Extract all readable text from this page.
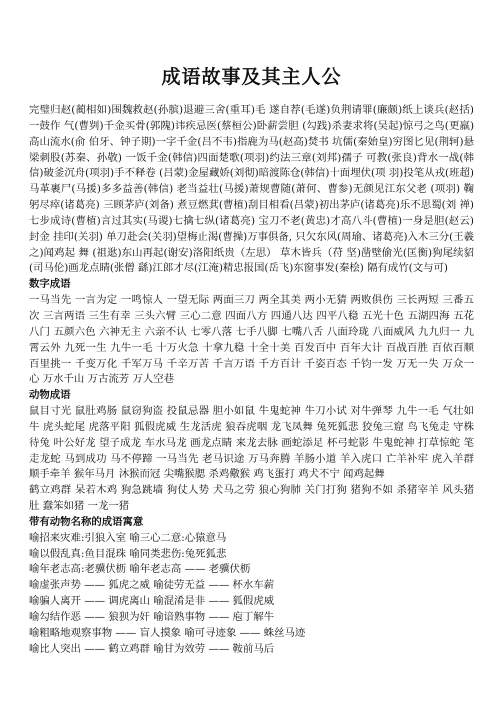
成语故事及其主人公

完璧归赵(蔺相如)围魏救赵(孙膑)退避三舍(重耳)毛 遂自荐(毛遂)负荆请罪(廉颇)纸上谈兵(赵括)一鼓作 气(曹刿)千金买骨(郭隗)讳疾忌医(蔡桓公)卧薪尝胆 (勾践)杀妻求将(吴起)惊弓之鸟(更羸)高山流水(俞 伯牙、钟子期)一字千金(吕不韦)指鹿为马(赵高)焚书 坑儒(秦始皇)穷图匕见(荆轲)悬梁刺股(苏秦、孙敬) 一饭千金(韩信)四面楚歌(项羽)约法三章(刘邦)孺子 可教(张良)背水一战(韩信)破釜沉舟(项羽)手不释卷 (吕蒙)金屋藏娇(刘彻)暗渡陈仓(韩信)十面埋伏(项 羽)投笔从戎(班超)马革裹尸(马援)多多益善(韩信) 老当益壮(马援)萧规曹随(萧何、曹参)无颜见江东父老 (项羽) 鞠躬尽瘁(诸葛亮) 三顾茅庐(刘备) 煮豆燃萁(曹植)刮目相看(吕蒙)初出茅庐(诸葛亮)乐不思蜀(刘 禅)七步成诗(曹植)言过其实(马谡)七擒七纵(诸葛亮) 宝刀不老(黄忠)才高八斗(曹植)一身是胆(赵云)封金 挂印(关羽) 单刀赴会(关羽)望梅止渴(曹操)万事俱备, 只欠东风(周瑜、诸葛亮)入木三分(王羲之)闻鸡起 舞 (祖逖)东山再起(谢安)洛阳纸贵（左思） 草木皆兵（苻 坚)凿壁偷光(匡衡)狗尾续貂(司马伦)画龙点睛(张僧 繇)江郎才尽(江淹)精忠报国(岳飞)东窗事发(秦桧) 隔有成竹(文与可)

数字成语

一马当先 一言为定 一鸣惊人 一望无际 两面三刀 两全其美 两小无猜 两败俱伤 三长两短 三番五次 三言两语 三生有幸 三头六臂 三心二意 四面八方 四通八达 四平八稳 五光十色 五湖四海 五花八门 五颜六色 六神无主 六亲不认 七零八落 七手八脚 七嘴八舌 八面玲珑 八面威风 九九归一 九霄云外 九死一生 九牛一毛 十万火急 十拿九稳 十全十美 百发百中 百年大计 百战百胜 百依百顺 百里挑一 千变万化 千军万马 千辛万苦 千言万语 千方百计 千姿百态 千钧一发 万无一失 万众一心 万水千山 万古流芳 万人空巷

动物成语

鼠目寸光 鼠肚鸡肠 鼠窃狗盗 投鼠忌器 胆小如鼠 牛鬼蛇神 牛刀小试 对牛弹琴 九牛一毛 气壮如牛 虎头蛇尾 虎落平阳 狐假虎威 生龙活虎 狼吞虎咽 龙飞凤舞 兔死狐悲 狡兔三窟 鸟飞兔走 守株待兔 叶公好龙 望子成龙 车水马龙 画龙点睛 来龙去脉 画蛇添足 杯弓蛇影 牛鬼蛇神 打草惊蛇 笔走龙蛇 马到成功 马不停蹄 一马当先 老马识途 万马奔腾 羊肠小道 羊入虎口 亡羊补牢 虎入羊群 顺手牵羊 猴年马月 沐猴而冠 尖嘴猴腮 杀鸡儆猴 鸡飞蛋打 鸡犬不宁 闻鸡起舞

鹤立鸡群 呆若木鸡 狗急跳墙 狗仗人势 犬马之劳 狼心狗肺 关门打狗 猪狗不如 杀猪宰羊 风头猪肚 蠢笨如猪 一龙一猪

带有动物名称的成语寓意

喻招来灾难:引狼入室 喻三心二意:心猿意马
喻以假乱真:鱼目混珠 喻同类悲伤:兔死狐悲
喻年老志高:老骥伏枥 喻年老志高 —— 老骥伏枥
喻虚张声势 —— 狐虎之威 喻徒劳无益 —— 杯水车薪
喻骗人离开 —— 调虎离山 喻混淆是非 —— 狐假虎威
喻勾结作恶 —— 狼狈为奸 喻谙熟事物 —— 庖丁解牛
喻粗略地观察事物 —— 盲人摸象 喻可寻迹象 —— 蛛丝马迹
喻比人突出 —— 鹤立鸡群 喻甘为效劳 —— 鞍前马后
